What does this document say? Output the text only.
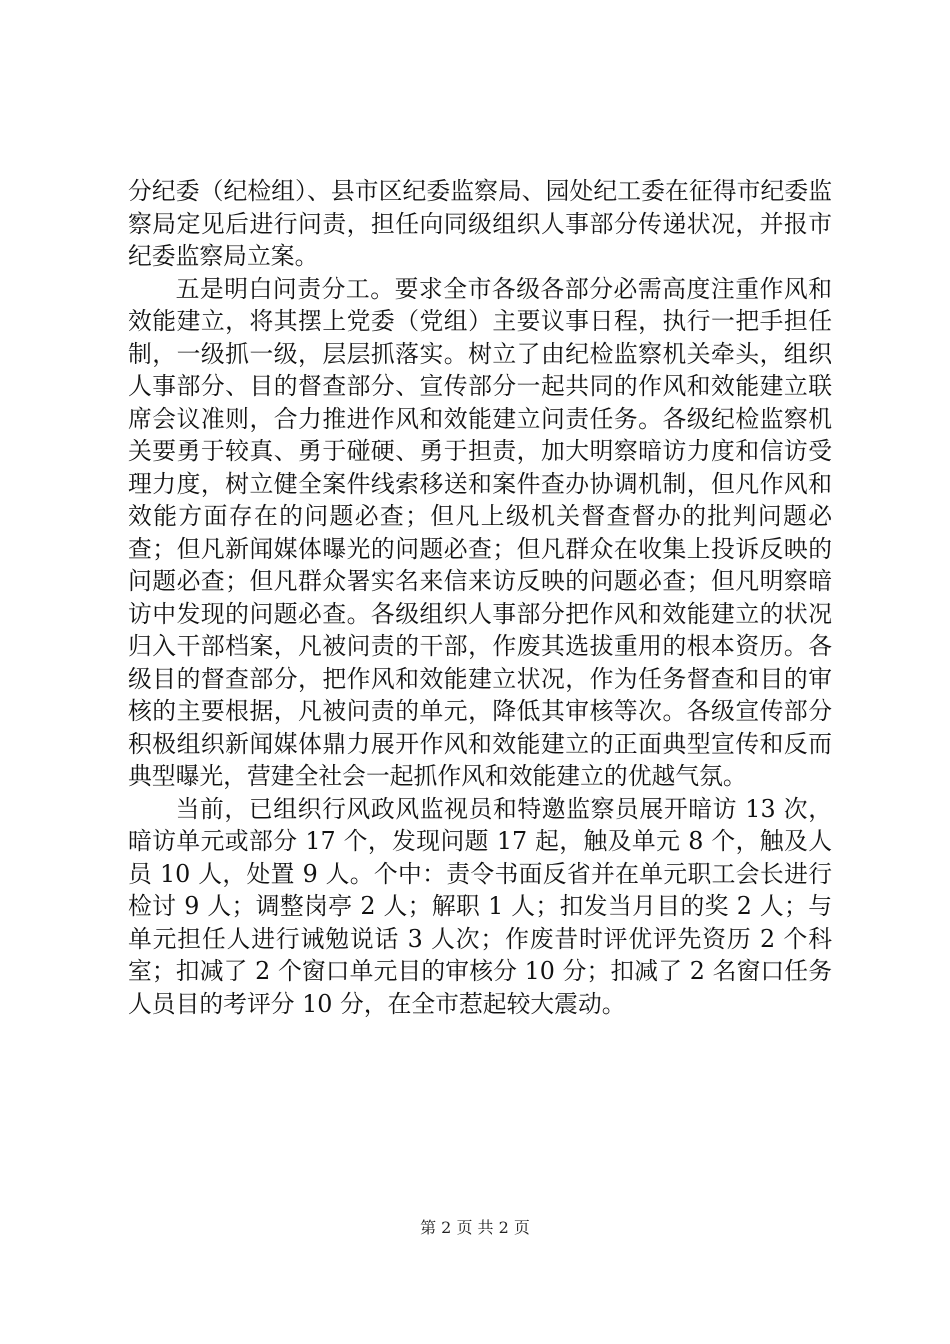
分纪委（纪检组）、县市区纪委监察局、园处纪工委在征得市纪委监察局定见后进行问责，担任向同级组织人事部分传递状况，并报市纪委监察局立案。

五是明白问责分工。要求全市各级各部分必需高度注重作风和效能建立，将其摆上党委（党组）主要议事日程，执行一把手担任制，一级抓一级，层层抓落实。树立了由纪检监察机关牵头，组织人事部分、目的督查部分、宣传部分一起共同的作风和效能建立联席会议准则，合力推进作风和效能建立问责任务。各级纪检监察机关要勇于较真、勇于碰硬、勇于担责，加大明察暗访力度和信访受理力度，树立健全案件线索移送和案件查办协调机制，但凡作风和效能方面存在的问题必查；但凡上级机关督查督办的批判问题必查；但凡新闻媒体曝光的问题必查；但凡群众在收集上投诉反映的问题必查；但凡群众署实名来信来访反映的问题必查；但凡明察暗访中发现的问题必查。各级组织人事部分把作风和效能建立的状况归入干部档案，凡被问责的干部，作废其选拔重用的根本资历。各级目的督查部分，把作风和效能建立状况，作为任务督查和目的审核的主要根据，凡被问责的单元，降低其审核等次。各级宣传部分积极组织新闻媒体鼎力展开作风和效能建立的正面典型宣传和反而典型曝光，营建全社会一起抓作风和效能建立的优越气氛。

当前，已组织行风政风监视员和特邀监察员展开暗访 13 次，暗访单元或部分 17 个，发现问题 17 起，触及单元 8 个，触及人员 10 人，处置 9 人。个中：责令书面反省并在单元职工会长进行检讨 9 人；调整岗亭 2 人；解职 1 人；扣发当月目的奖 2 人；与单元担任人进行诫勉说话 3 人次；作废昔时评优评先资历 2 个科室；扣减了 2 个窗口单元目的审核分 10 分；扣减了 2 名窗口任务人员目的考评分 10 分，在全市惹起较大震动。

第 2 页 共 2 页
